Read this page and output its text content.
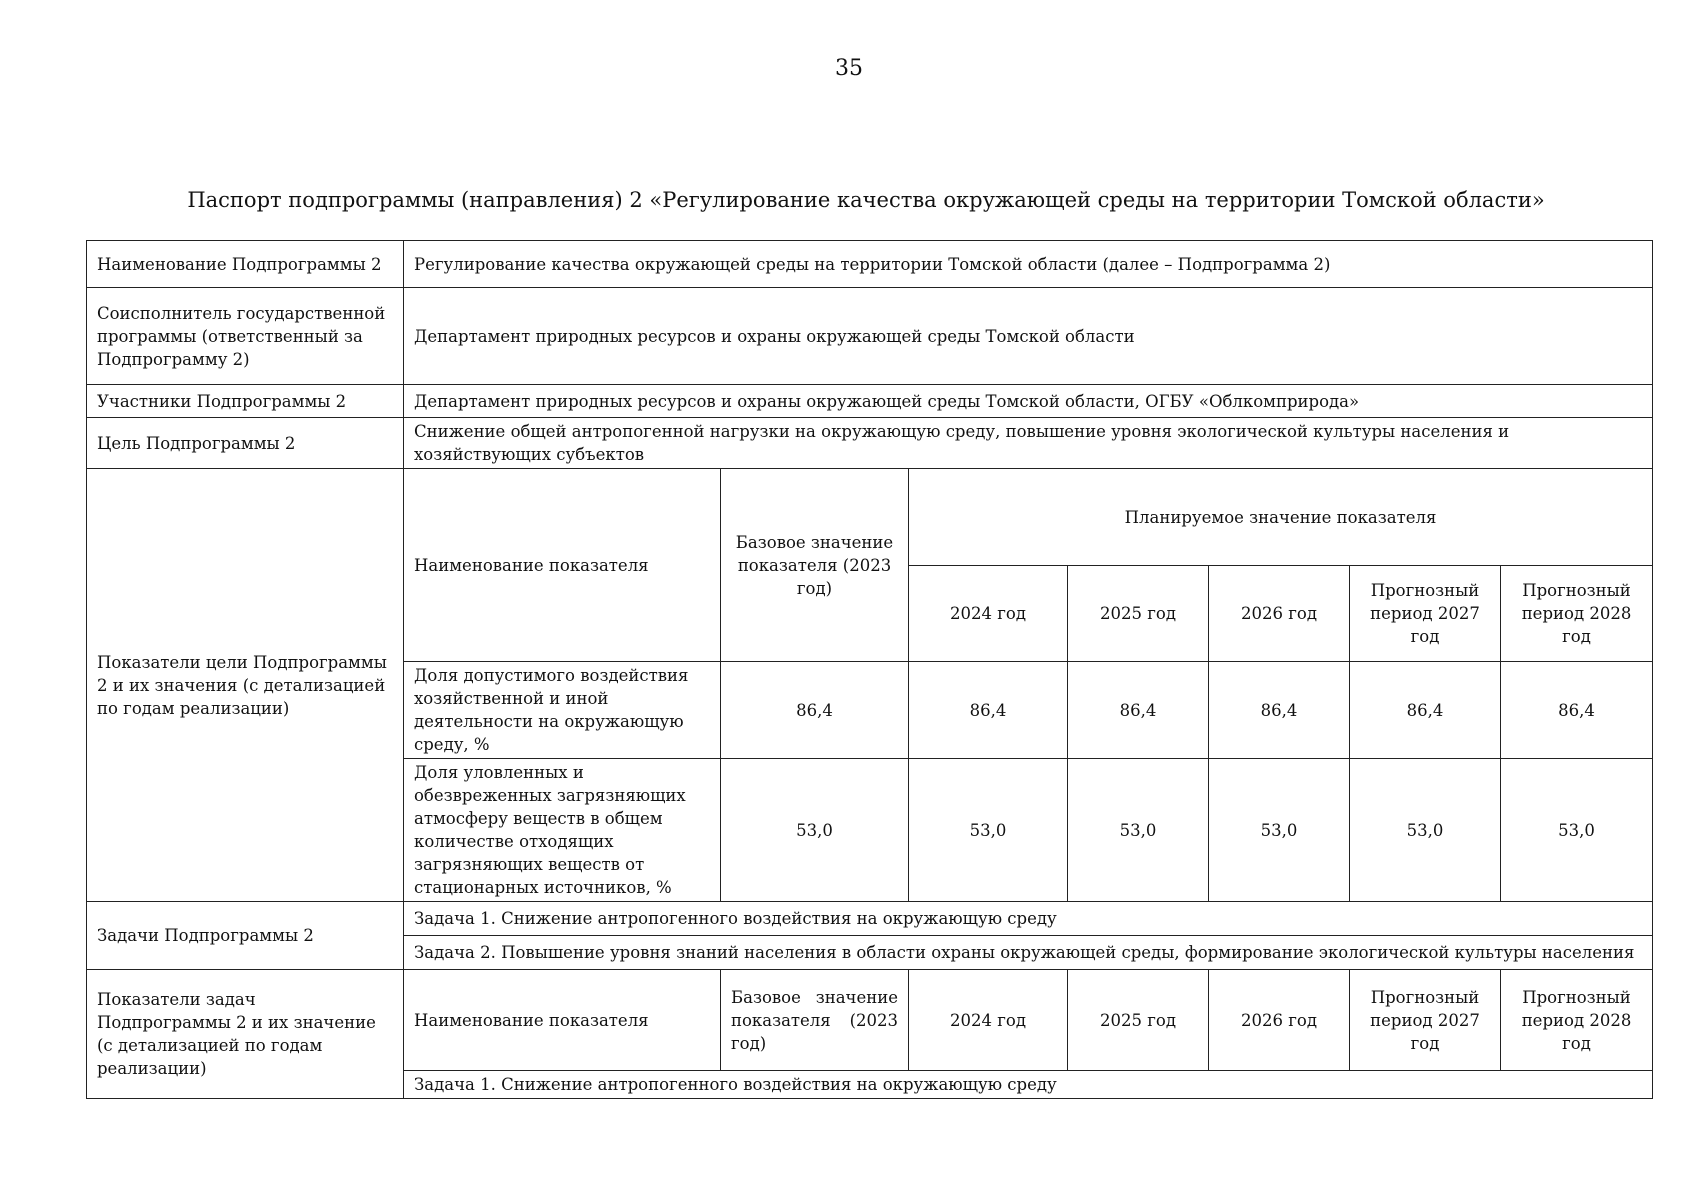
35
Паспорт подпрограммы (направления) 2 «Регулирование качества окружающей среды на территории Томской области»
Наименование Подпрограммы 2	Регулирование качества окружающей среды на территории Томской области (далее – Подпрограмма 2)						
Соисполнитель государственной программы (ответственный за Подпрограмму 2)	Департамент природных ресурсов и охраны окружающей среды Томской области						
Участники Подпрограммы 2	Департамент природных ресурсов и охраны окружающей среды Томской области, ОГБУ «Облкомприрода»						
Цель Подпрограммы 2	Снижение общей антропогенной нагрузки на окружающую среду, повышение уровня экологической культуры населения и хозяйствующих субъектов						
Показатели цели Подпрограммы 2 и их значения (с детализацией по годам реализации)	Наименование показателя	Базовое значение показателя (2023 год)	Планируемое значение показателя				
			2024 год	2025 год	2026 год	Прогнозный период 2027 год	Прогнозный период 2028 год
	Доля допустимого воздействия хозяйственной и иной деятельности на окружающую среду, %	86,4	86,4	86,4	86,4	86,4	86,4
	Доля уловленных и обезвреженных загрязняющих атмосферу веществ в общем количестве отходящих загрязняющих веществ от стационарных источников, %	53,0	53,0	53,0	53,0	53,0	53,0
Задачи Подпрограммы 2	Задача 1. Снижение антропогенного воздействия на окружающую среду						
	Задача 2. Повышение уровня знаний населения в области охраны окружающей среды, формирование экологической культуры населения						
Показатели задач Подпрограммы 2 и их значение (с детализацией по годам реализации)	Наименование показателя	Базовое значение показателя (2023 год)	2024 год	2025 год	2026 год	Прогнозный период 2027 год	Прогнозный период 2028 год
	Задача 1. Снижение антропогенного воздействия на окружающую среду						
